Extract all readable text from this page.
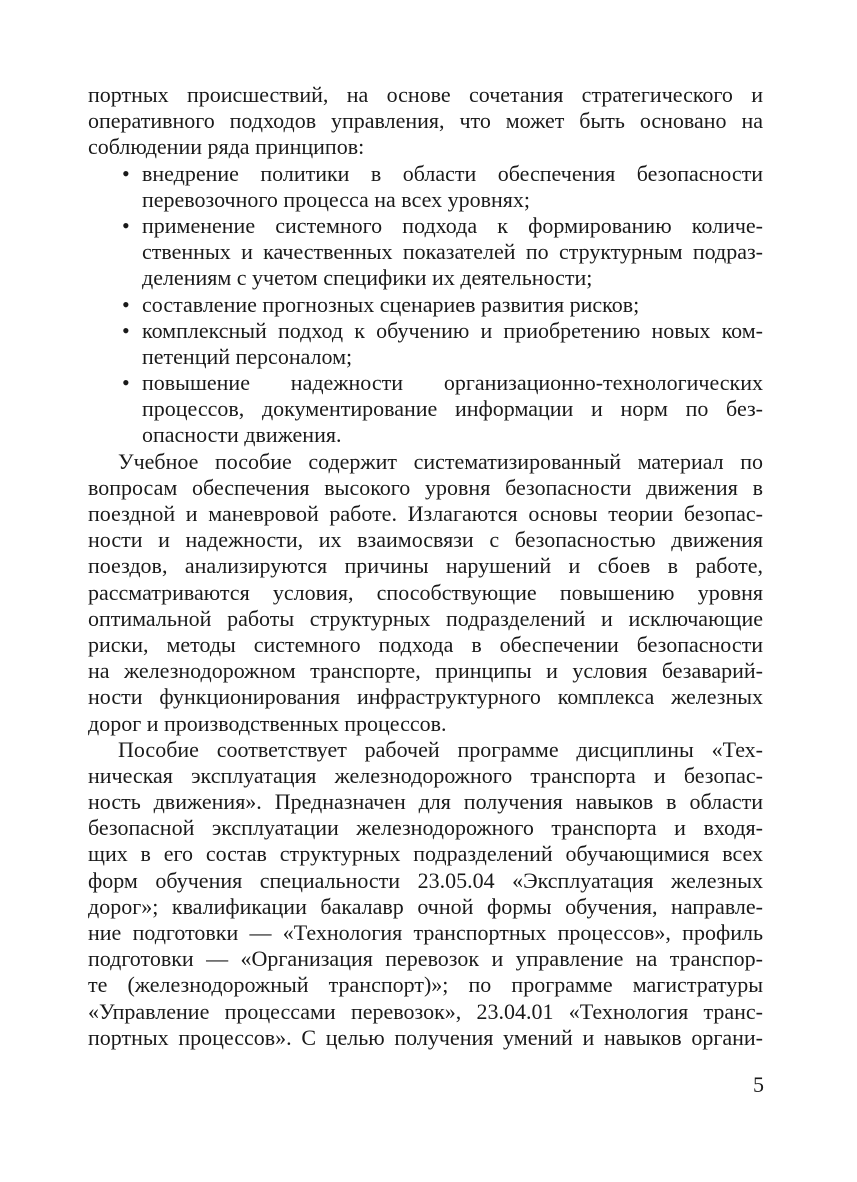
портных происшествий, на основе сочетания стратегического и
оперативного подходов управления, что может быть основано на
соблюдении ряда принципов:
• внедрение политики в области обеспечения безопасности
перевозочного процесса на всех уровнях;
• применение системного подхода к формированию количе-
ственных и качественных показателей по структурным подраз-
делениям с учетом специфики их деятельности;
• составление прогнозных сценариев развития рисков;
• комплексный подход к обучению и приобретению новых ком-
петенций персоналом;
• повышение надежности организационно-технологических
процессов, документирование информации и норм по без-
опасности движения.
Учебное пособие содержит систематизированный материал по
вопросам обеспечения высокого уровня безопасности движения в
поездной и маневровой работе. Излагаются основы теории безопас-
ности и надежности, их взаимосвязи с безопасностью движения
поездов, анализируются причины нарушений и сбоев в работе,
рассматриваются условия, способствующие повышению уровня
оптимальной работы структурных подразделений и исключающие
риски, методы системного подхода в обеспечении безопасности
на железнодорожном транспорте, принципы и условия безаварий-
ности функционирования инфраструктурного комплекса железных
дорог и производственных процессов.
Пособие соответствует рабочей программе дисциплины «Тех-
ническая эксплуатация железнодорожного транспорта и безопас-
ность движения». Предназначен для получения навыков в области
безопасной эксплуатации железнодорожного транспорта и входя-
щих в его состав структурных подразделений обучающимися всех
форм обучения специальности 23.05.04 «Эксплуатация железных
дорог»; квалификации бакалавр очной формы обучения, направле-
ние подготовки — «Технология транспортных процессов», профиль
подготовки — «Организация перевозок и управление на транспор-
те (железнодорожный транспорт)»; по программе магистратуры
«Управление процессами перевозок», 23.04.01 «Технология транс-
портных процессов». С целью получения умений и навыков органи-
5
